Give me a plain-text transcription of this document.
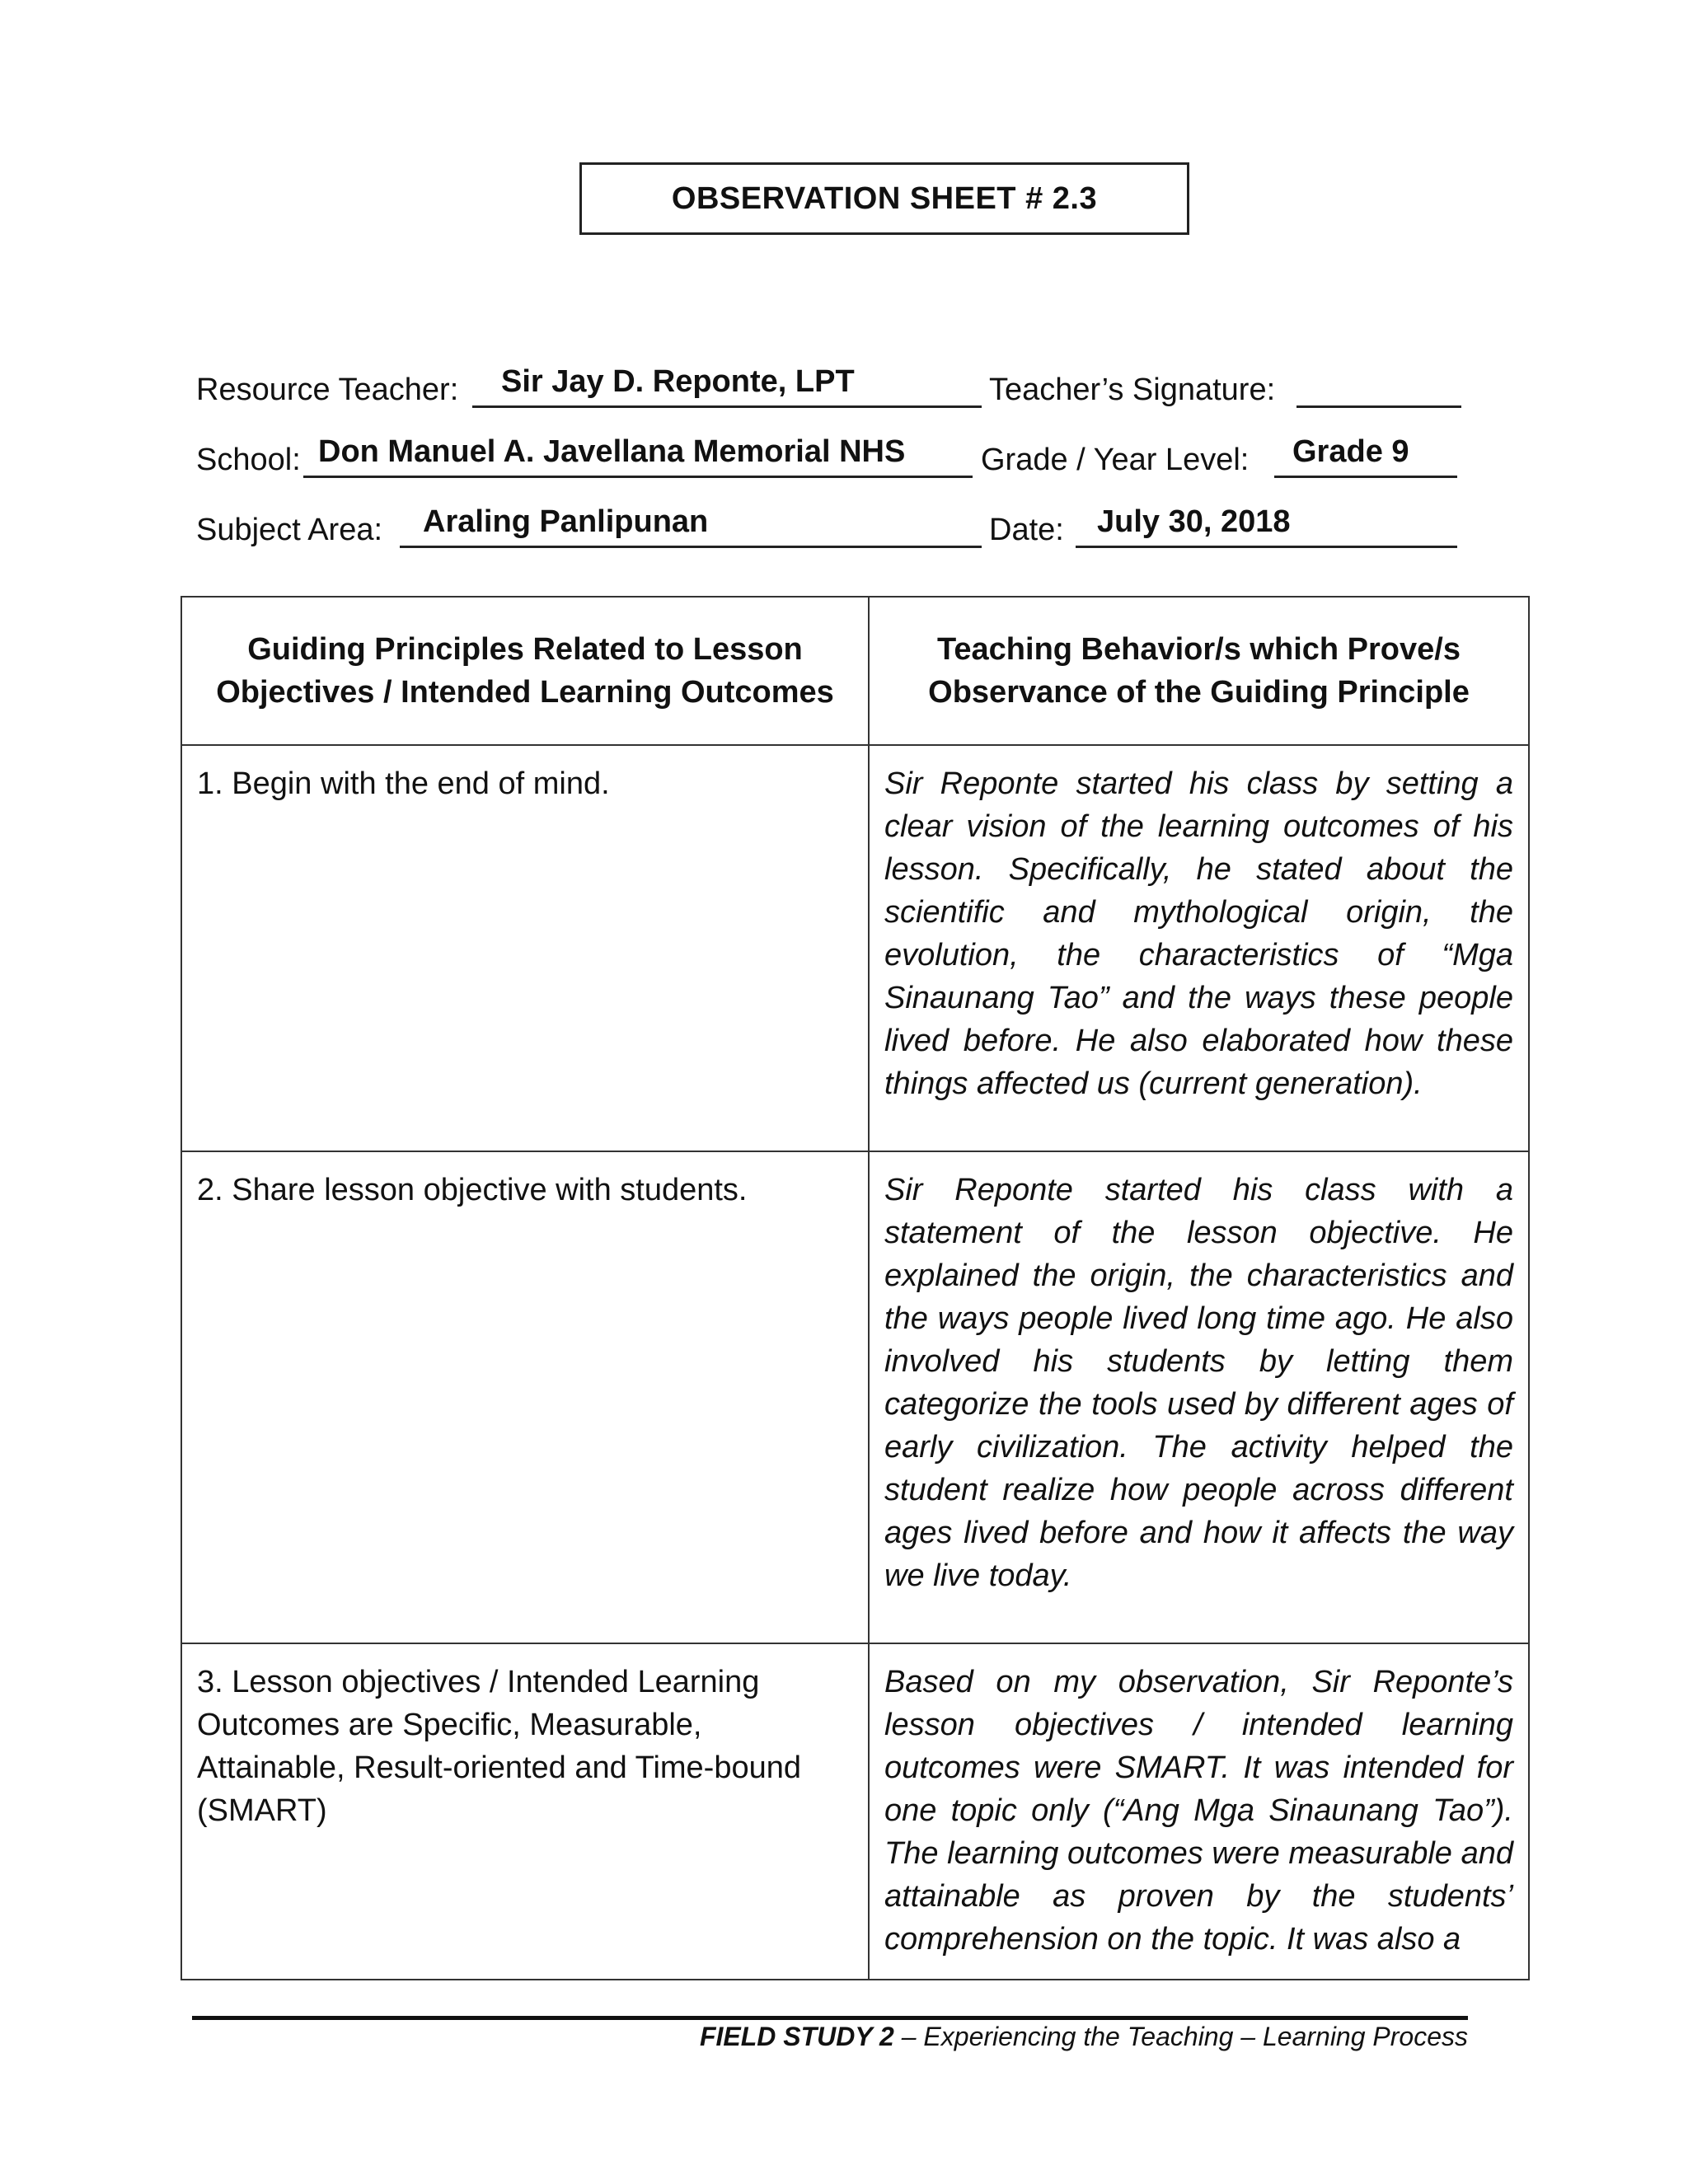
OBSERVATION SHEET # 2.3
Resource Teacher: Sir Jay D. Reponte, LPT	Teacher’s Signature:
School: Don Manuel A. Javellana Memorial NHS Grade / Year Level: Grade 9
Subject Area: Araling Panlipunan	Date: July 30, 2018
Guiding Principles Related to Lesson Objectives / Intended Learning Outcomes	Teaching Behavior/s which Prove/s Observance of the Guiding Principle
1. Begin with the end of mind.	Sir Reponte started his class by setting a clear vision of the learning outcomes of his lesson. Specifically, he stated about the scientific and mythological origin, the evolution, the characteristics of “Mga Sinaunang Tao” and the ways these people lived before. He also elaborated how these things affected us (current generation).
2. Share lesson objective with students.	Sir Reponte started his class with a statement of the lesson objective. He explained the origin, the characteristics and the ways people lived long time ago. He also involved his students by letting them categorize the tools used by different ages of early civilization. The activity helped the student realize how people across different ages lived before and how it affects the way we live today.
3. Lesson objectives / Intended Learning Outcomes are Specific, Measurable, Attainable, Result-oriented and Time-bound (SMART)	Based on my observation, Sir Reponte’s lesson objectives / intended learning outcomes were SMART. It was intended for one topic only (“Ang Mga Sinaunang Tao”). The learning outcomes were measurable and attainable as proven by the students’ comprehension on the topic. It was also a
FIELD STUDY 2 – Experiencing the Teaching – Learning Process
